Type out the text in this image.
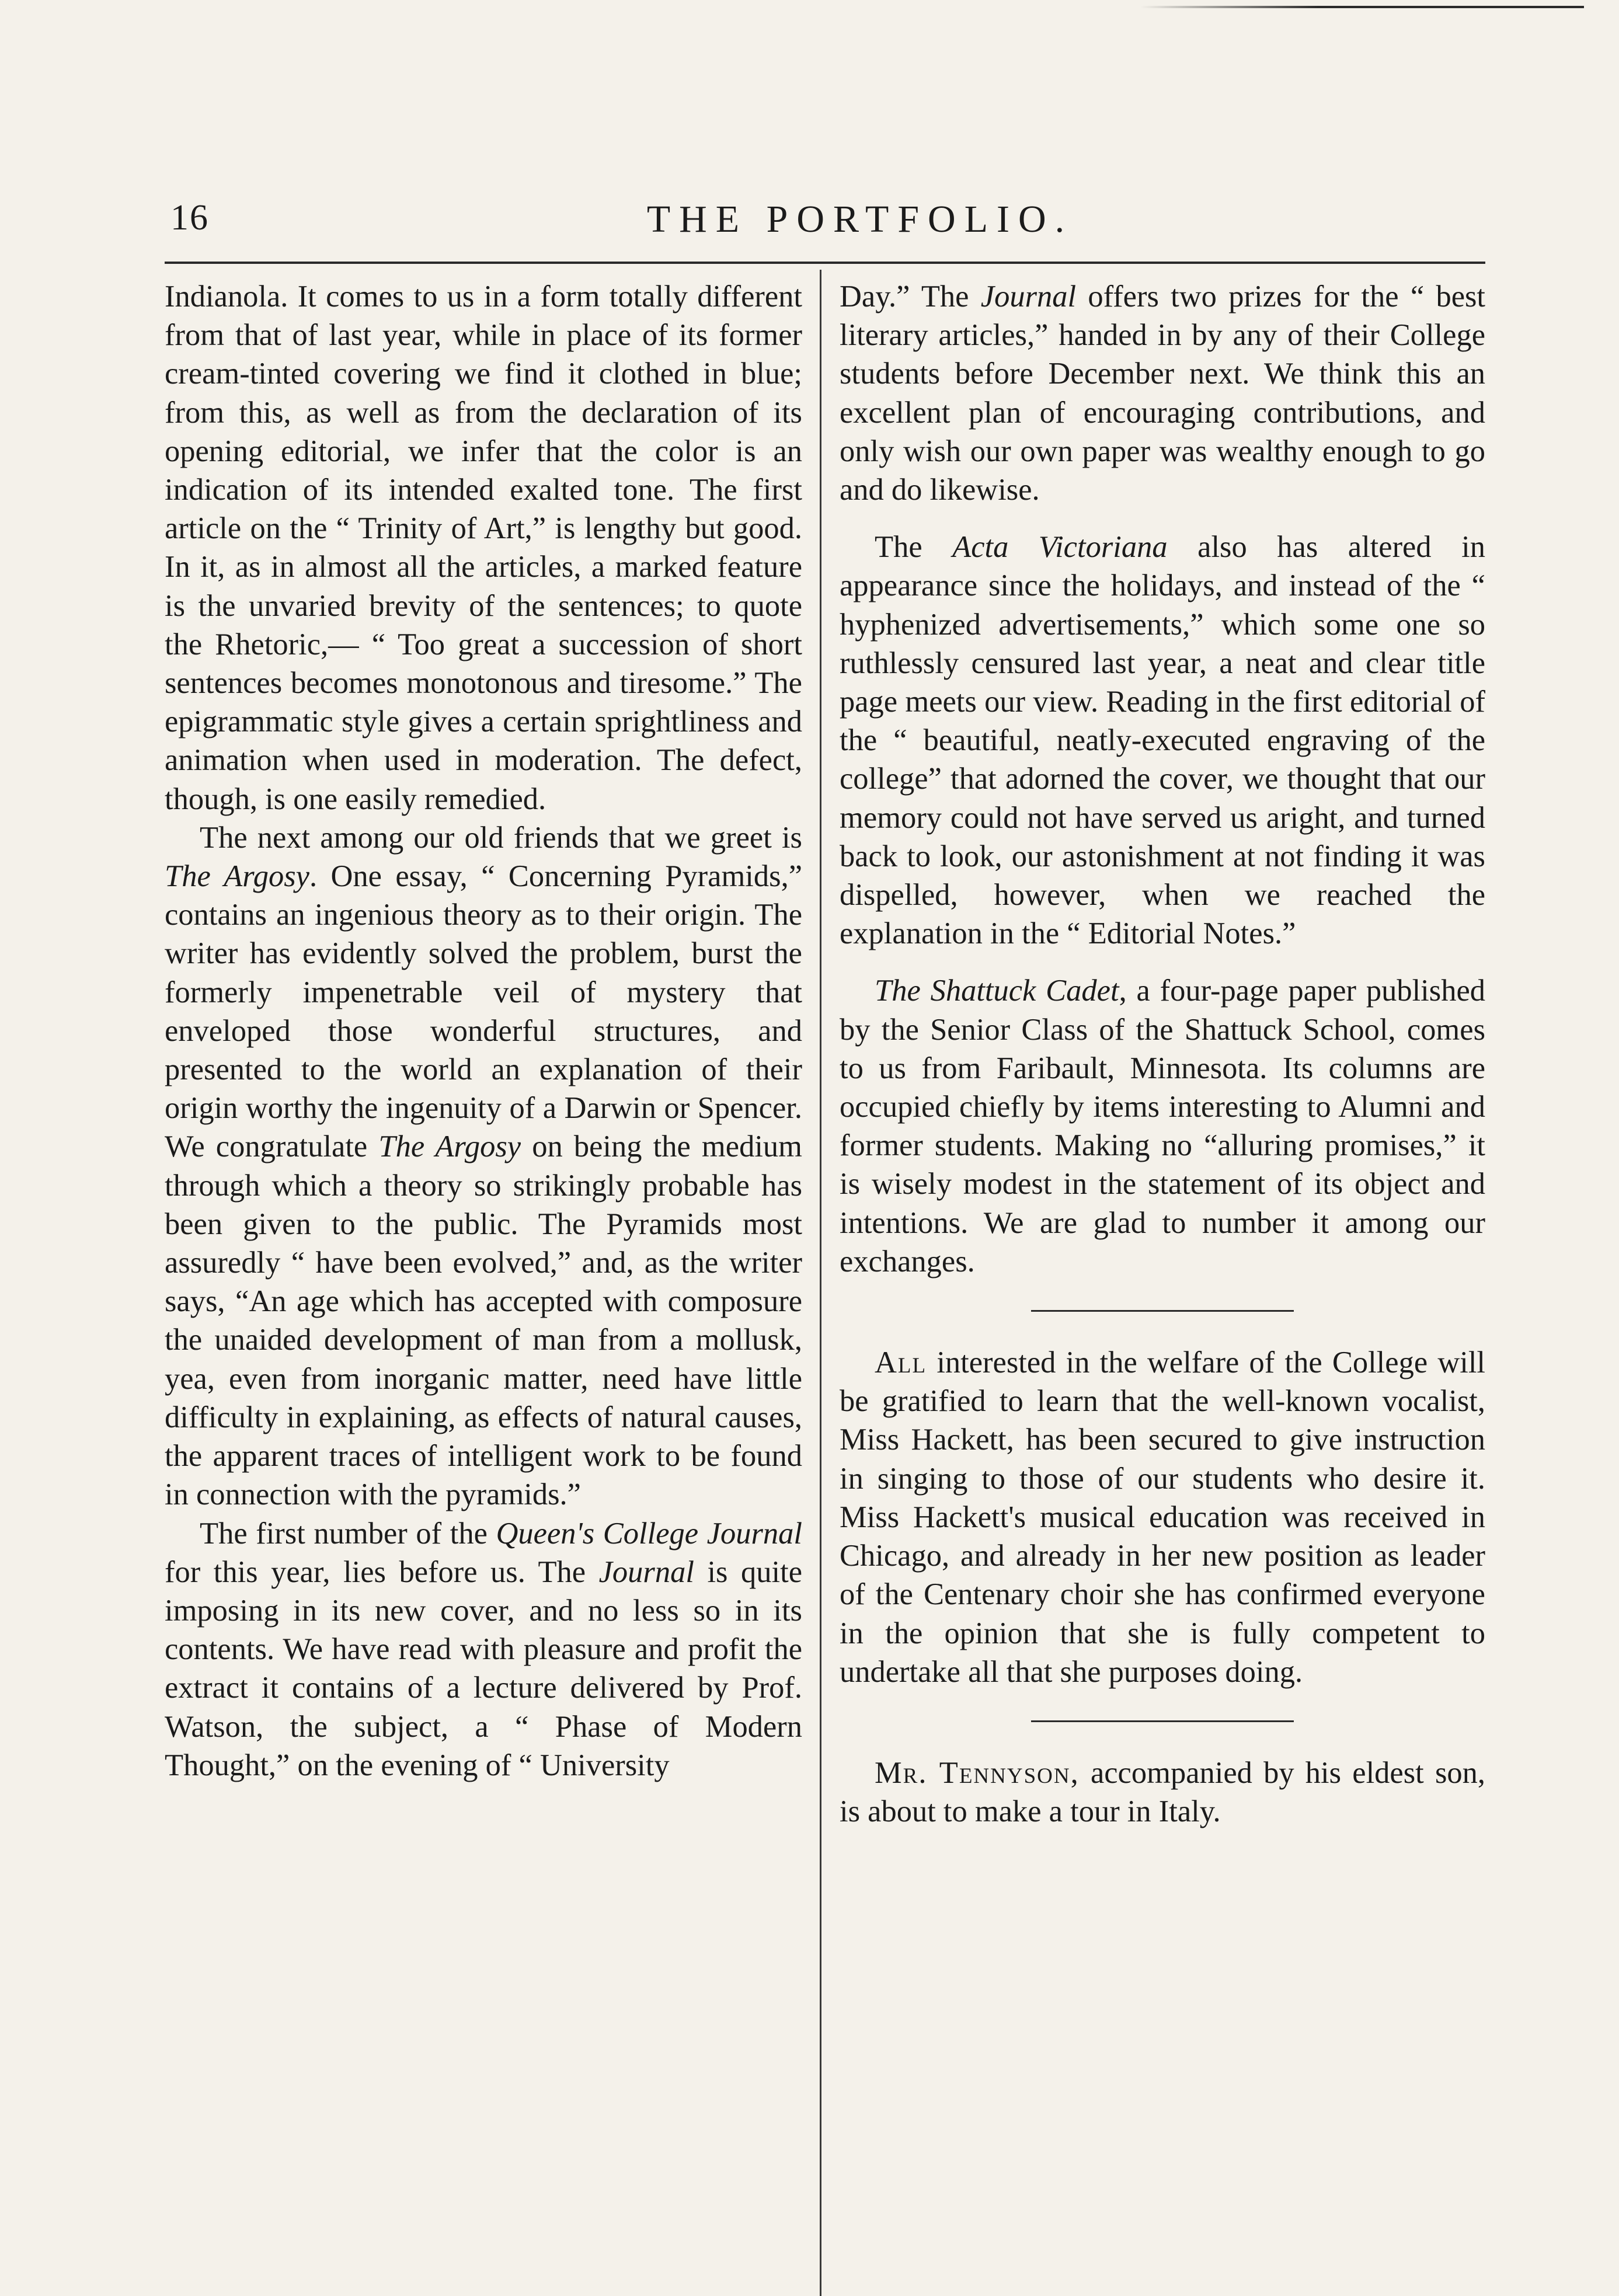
16	THE PORTFOLIO.

Indianola. It comes to us in a form totally different from that of last year, while in place of its former cream-tinted covering we find it clothed in blue; from this, as well as from the declaration of its opening editorial, we infer that the color is an indication of its intended exalted tone. The first article on the “ Trinity of Art,” is lengthy but good. In it, as in almost all the articles, a marked feature is the unvaried brevity of the sentences; to quote the Rhetoric,— “ Too great a succession of short sentences becomes monotonous and tiresome.” The epigrammatic style gives a certain sprightliness and animation when used in moderation. The defect, though, is one easily remedied.

The next among our old friends that we greet is The Argosy. One essay, “ Concerning Pyramids,” contains an ingenious theory as to their origin. The writer has evidently solved the problem, burst the formerly impenetrable veil of mystery that enveloped those wonderful structures, and presented to the world an explanation of their origin worthy the ingenuity of a Darwin or Spencer. We congratulate The Argosy on being the medium through which a theory so strikingly probable has been given to the public. The Pyramids most assuredly “ have been evolved,” and, as the writer says, “An age which has accepted with composure the unaided development of man from a mollusk, yea, even from inorganic matter, need have little difficulty in explaining, as effects of natural causes, the apparent traces of intelligent work to be found in connection with the pyramids.”

The first number of the Queen's College Journal for this year, lies before us. The Journal is quite imposing in its new cover, and no less so in its contents. We have read with pleasure and profit the extract it contains of a lecture delivered by Prof. Watson, the subject, a “ Phase of Modern Thought,” on the evening of “ University

Day.” The Journal offers two prizes for the “ best literary articles,” handed in by any of their College students before December next. We think this an excellent plan of encouraging contributions, and only wish our own paper was wealthy enough to go and do likewise.

The Acta Victoriana also has altered in appearance since the holidays, and instead of the “ hyphenized advertisements,” which some one so ruthlessly censured last year, a neat and clear title page meets our view. Reading in the first editorial of the “ beautiful, neatly-executed engraving of the college” that adorned the cover, we thought that our memory could not have served us aright, and turned back to look, our astonishment at not finding it was dispelled, however, when we reached the explanation in the “ Editorial Notes.”

The Shattuck Cadet, a four-page paper published by the Senior Class of the Shattuck School, comes to us from Faribault, Minnesota. Its columns are occupied chiefly by items interesting to Alumni and former students. Making no “alluring promises,” it is wisely modest in the statement of its object and intentions. We are glad to number it among our exchanges.

All interested in the welfare of the College will be gratified to learn that the well-known vocalist, Miss Hackett, has been secured to give instruction in singing to those of our students who desire it. Miss Hackett's musical education was received in Chicago, and already in her new position as leader of the Centenary choir she has confirmed everyone in the opinion that she is fully competent to undertake all that she purposes doing.

Mr. Tennyson, accompanied by his eldest son, is about to make a tour in Italy.
